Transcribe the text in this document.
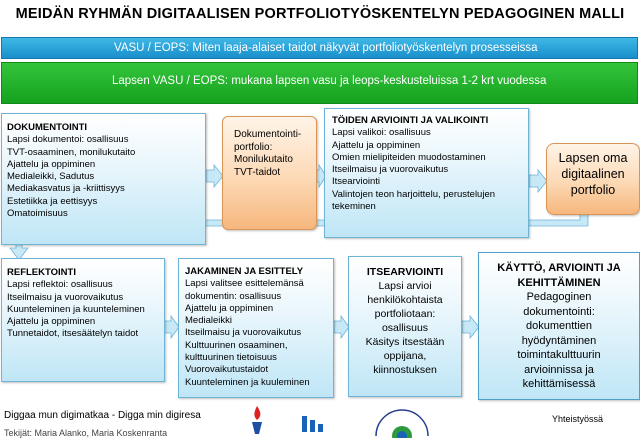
MEIDÄN RYHMÄN DIGITAALISEN PORTFOLIOTYÖSKENTELYN PEDAGOGINEN MALLI
VASU / EOPS: Miten laaja-alaiset taidot näkyvät portfoliotyöskentelyn prosesseissa
Lapsen VASU / EOPS: mukana lapsen vasu ja leops-keskusteluissa 1-2 krt vuodessa
DOKUMENTOINTI
Lapsi dokumentoi: osallisuus
TVT-osaaminen, monilukutaito
Ajattelu ja oppiminen
Medialeikki, Sadutus
Mediakasvatus ja -kriittisyys
Estetiikka ja eettisyys
Omatoimisuus
Dokumentointi-
portfolio:
Monilukutaito
TVT-taidot
TÖIDEN ARVIOINTI JA VALIKOINTI
Lapsi valikoi: osallisuus
Ajattelu ja oppiminen
Omien mielipiteiden muodostaminen
Itseilmaisu ja vuorovaikutus
Itsearviointi
Valintojen teon harjoittelu, perustelujen
tekeminen
Lapsen oma digitaalinen portfolio
REFLEKTOINTI
Lapsi reflektoi: osallisuus
Itseilmaisu ja vuorovaikutus
Kuunteleminen ja kuunteleminen
Ajattelu ja oppiminen
Tunnetaidot, itsesäätelyn taidot
JAKAMINEN JA ESITTELY
Lapsi valitsee esittelemänsä
dokumentin: osallisuus
Ajattelu ja oppiminen
Medialeikki
Itseilmaisu ja vuorovaikutus
Kulttuurinen osaaminen,
kulttuurinen tietoisuus
Vuorovaikutustaidot
Kuunteleminen ja kuuleminen
ITSEARVIOINTI
Lapsi arvioi
henkilökohtaista
portfoliotaan: osallisuus
Käsitys itsestään
oppijana, kiinnostuksen
KÄYTTÖ, ARVIOINTI JA
KEHITTÄMINEN
Pedagoginen
dokumentointi:
dokumenttien
hyödyntäminen
toimintakulttuurin
arvioinnissa ja
kehittämisessä
Diggaa mun digimatkaa - Digga min digiresa
Tekijät: Maria Alanko, Maria Koskenranta
Yhteistyössä
